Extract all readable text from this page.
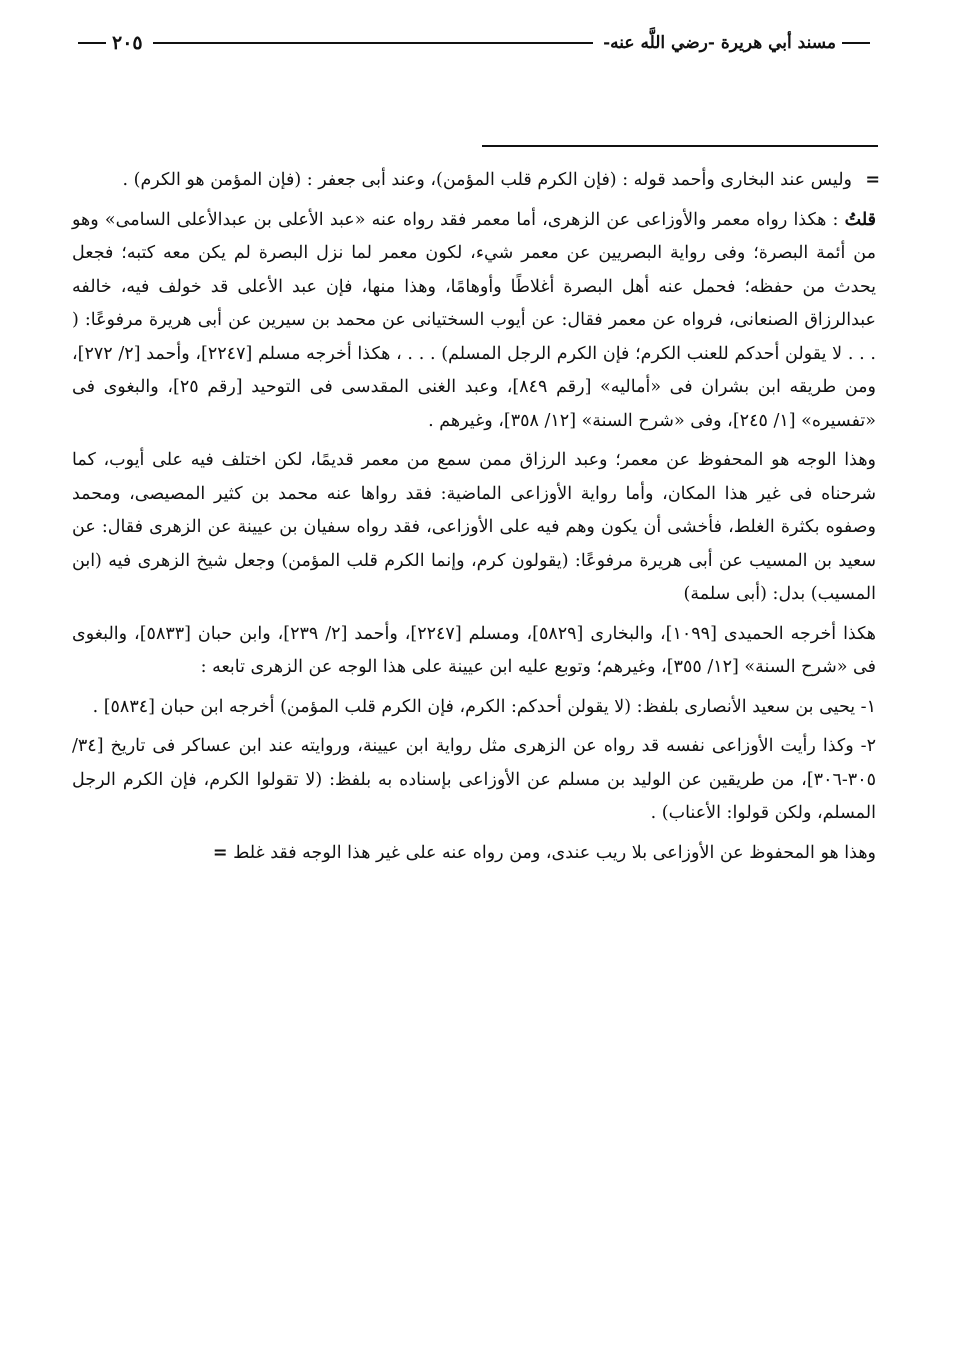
مسند أبي هريرة -رضي اللَّه عنه-
٢٠٥

=
وليس عند البخارى وأحمد قوله : (فإن الكرم قلب المؤمن)، وعند أبى جعفر : (فإن المؤمن هو الكرم) .

قلتُ : هكذا رواه معمر والأوزاعى عن الزهرى، أما معمر فقد رواه عنه «عبد الأعلى بن عبدالأعلى السامى» وهو من أئمة البصرة؛ وفى رواية البصريين عن معمر شيء، لكون معمر لما نزل البصرة لم يكن معه كتبه؛ فجعل يحدث من حفظه؛ فحمل عنه أهل البصرة أغلاطًا وأوهامًا، وهذا منها، فإن عبد الأعلى قد خولف فيه، خالفه عبدالرزاق الصنعانى، فرواه عن معمر فقال: عن أيوب السختيانى عن محمد بن سيرين عن أبى هريرة مرفوعًا: ( . . . لا يقولن أحدكم للعنب الكرم؛ فإن الكرم الرجل المسلم) . . . ، هكذا أخرجه مسلم [٢٢٤٧]، وأحمد [٢/ ٢٧٢]، ومن طريقه ابن بشران فى «أماليه» [رقم ٨٤٩]، وعبد الغنى المقدسى فى التوحيد [رقم ٢٥]، والبغوى فى «تفسيره» [١/ ٢٤٥]، وفى «شرح السنة» [١٢/ ٣٥٨]، وغيرهم .

وهذا الوجه هو المحفوظ عن معمر؛ وعبد الرزاق ممن سمع من معمر قديمًا، لكن اختلف فيه على أيوب، كما شرحناه فى غير هذا المكان، وأما رواية الأوزاعى الماضية: فقد رواها عنه محمد بن كثير المصيصى، ومحمد وصفوه بكثرة الغلط، فأخشى أن يكون وهم فيه على الأوزاعى، فقد رواه سفيان بن عيينة عن الزهرى فقال: عن سعيد بن المسيب عن أبى هريرة مرفوعًا: (يقولون كرم، وإنما الكرم قلب المؤمن) وجعل شيخ الزهرى فيه (ابن المسيب) بدل: (أبى سلمة)

هكذا أخرجه الحميدى [١٠٩٩]، والبخارى [٥٨٢٩]، ومسلم [٢٢٤٧]، وأحمد [٢/ ٢٣٩]، وابن حبان [٥٨٣٣]، والبغوى فى «شرح السنة» [١٢/ ٣٥٥]، وغيرهم؛ وتوبع عليه ابن عيينة على هذا الوجه عن الزهرى تابعه :

١- يحيى بن سعيد الأنصارى بلفظ: (لا يقولن أحدكم: الكرم، فإن الكرم قلب المؤمن) أخرجه ابن حبان [٥٨٣٤] .

٢- وكذا رأيت الأوزاعى نفسه قد رواه عن الزهرى مثل رواية ابن عيينة، وروايته عند ابن عساكر فى تاريخ [٣٤/ ٣٠٥-٣٠٦]، من طريقين عن الوليد بن مسلم عن الأوزاعى بإسناده به بلفظ: (لا تقولوا الكرم، فإن الكرم الرجل المسلم، ولكن قولوا: الأعناب) .

وهذا هو المحفوظ عن الأوزاعى بلا ريب عندى، ومن رواه عنه على غير هذا الوجه فقد غلط =
